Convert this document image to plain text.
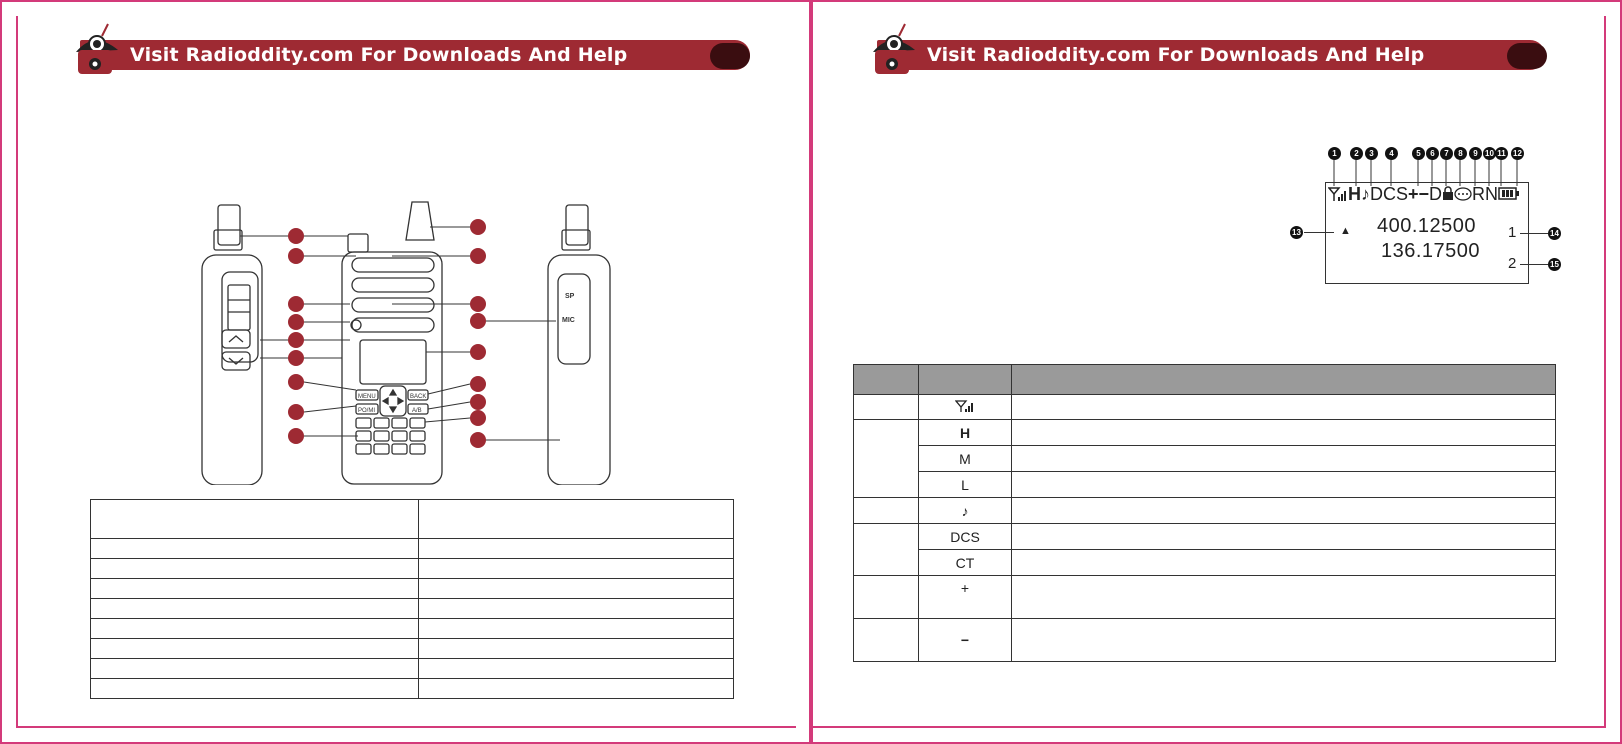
Visit Radioddity.com For Downloads And Help
MENU	BACK
PO/MI	A/B
SP
MIC

Visit Radioddity.com For Downloads And Help
1	2	3	4	5	6	7	8	9 10 11 12
H♪DCS+−D RN
13	▲ 400.12500
136.17500
1
2
14
15

	H	
	M	
	L	
	♪	
	DCS	
	CT	
	+	
	−	
